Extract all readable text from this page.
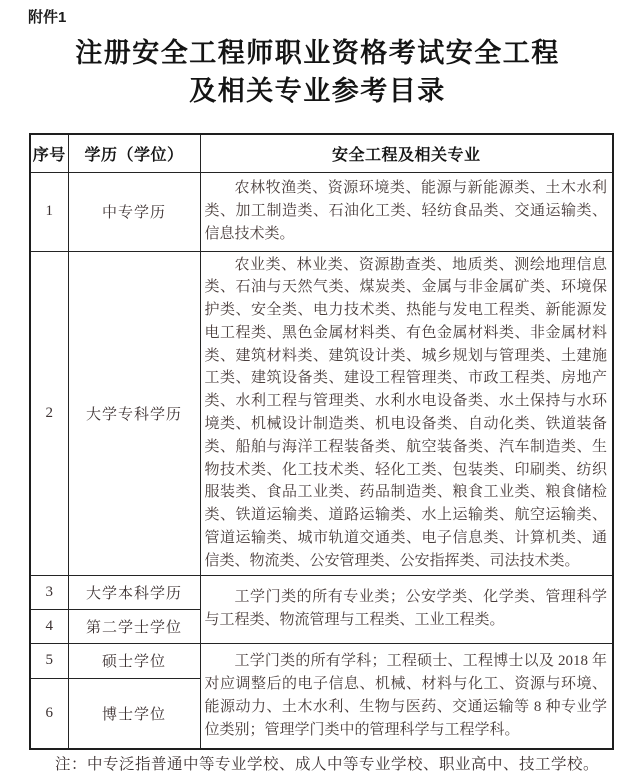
附件1
注册安全工程师职业资格考试安全工程
及相关专业参考目录
序号	学历（学位）	安全工程及相关专业
1	中专学历	农林牧渔类、资源环境类、能源与新能源类、土木水利类、加工制造类、石油化工类、轻纺食品类、交通运输类、信息技术类。

2	大学专科学历	农业类、林业类、资源勘查类、地质类、测绘地理信息类、石油与天然气类、煤炭类、金属与非金属矿类、环境保护类、安全类、电力技术类、热能与发电工程类、新能源发电工程类、黑色金属材料类、有色金属材料类、非金属材料类、建筑材料类、建筑设计类、城乡规划与管理类、土建施工类、建筑设备类、建设工程管理类、市政工程类、房地产类、水利工程与管理类、水利水电设备类、水土保持与水环境类、机械设计制造类、机电设备类、自动化类、铁道装备类、船舶与海洋工程装备类、航空装备类、汽车制造类、生物技术类、化工技术类、轻化工类、包装类、印刷类、纺织服装类、食品工业类、药品制造类、粮食工业类、粮食储检类、铁道运输类、道路运输类、水上运输类、航空运输类、管道运输类、城市轨道交通类、电子信息类、计算机类、通信类、物流类、公安管理类、公安指挥类、司法技术类。

3	大学本科学历	工学门类的所有专业类；公安学类、化学类、管理科学与工程类、物流管理与工程类、工业工程类。

4	第二学士学位	
5	硕士学位	工学门类的所有学科；工程硕士、工程博士以及 2018 年对应调整后的电子信息、机械、材料与化工、资源与环境、能源动力、土木水利、生物与医药、交通运输等 8 种专业学位类别；管理学门类中的管理科学与工程学科。

6	博士学位	
注：中专泛指普通中等专业学校、成人中等专业学校、职业高中、技工学校。
